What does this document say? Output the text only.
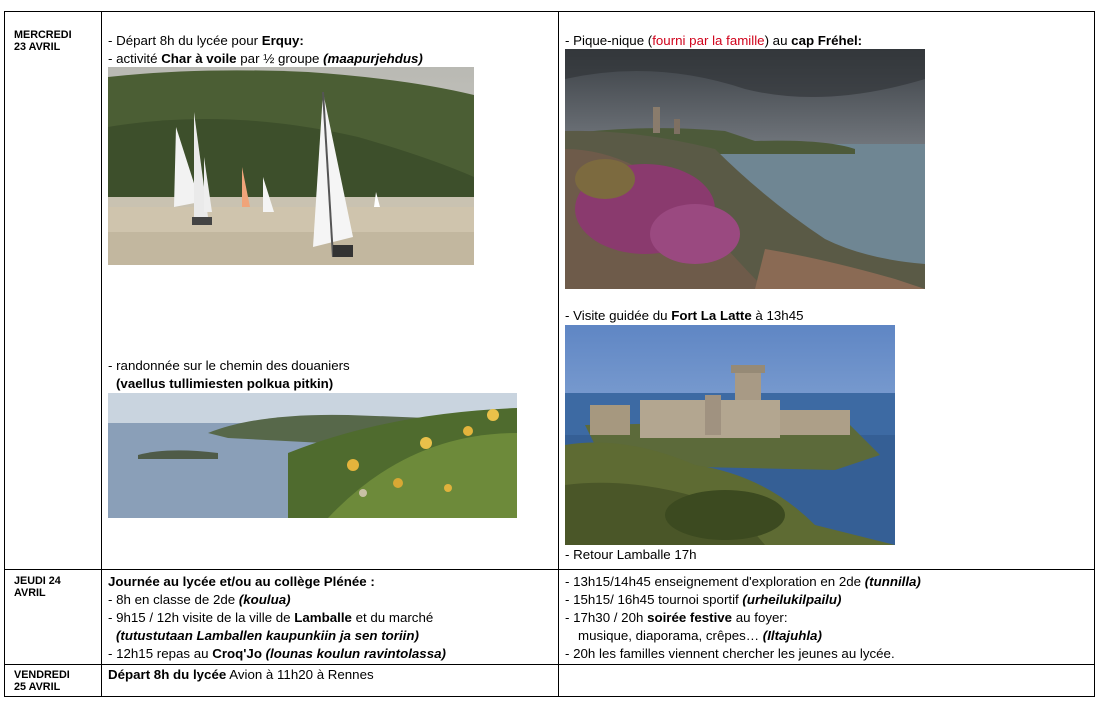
MERCREDI
23 AVRIL	- Départ 8h du lycée pour Erquy:
- activité Char à voile par ½ groupe (maapurjehdus)
- randonnée sur le chemin des douaniers
(vaellus tullimiesten polkua pitkin)
- Pique-nique (fourni par la famille) au cap Fréhel:
- Visite guidée du Fort La Latte à 13h45
- Retour Lamballe 17h
JEUDI 24
AVRIL
Journée au lycée et/ou au collège Plénée :
- 8h en classe de 2de (koulua)
- 9h15 / 12h visite de la ville de Lamballe et du marché
(tutustutaan Lamballen kaupunkiin ja sen toriin)
- 12h15 repas au Croq'Jo (lounas koulun ravintolassa)
- 13h15/14h45 enseignement d'exploration en 2de (tunnilla)
- 15h15/ 16h45 tournoi sportif (urheilukilpailu)
- 17h30 / 20h soirée festive au foyer:
musique, diaporama, crêpes… (Iltajuhla)
- 20h les familles viennent chercher les jeunes au lycée.
VENDREDI
25 AVRIL
Départ 8h du lycée Avion à 11h20 à Rennes
